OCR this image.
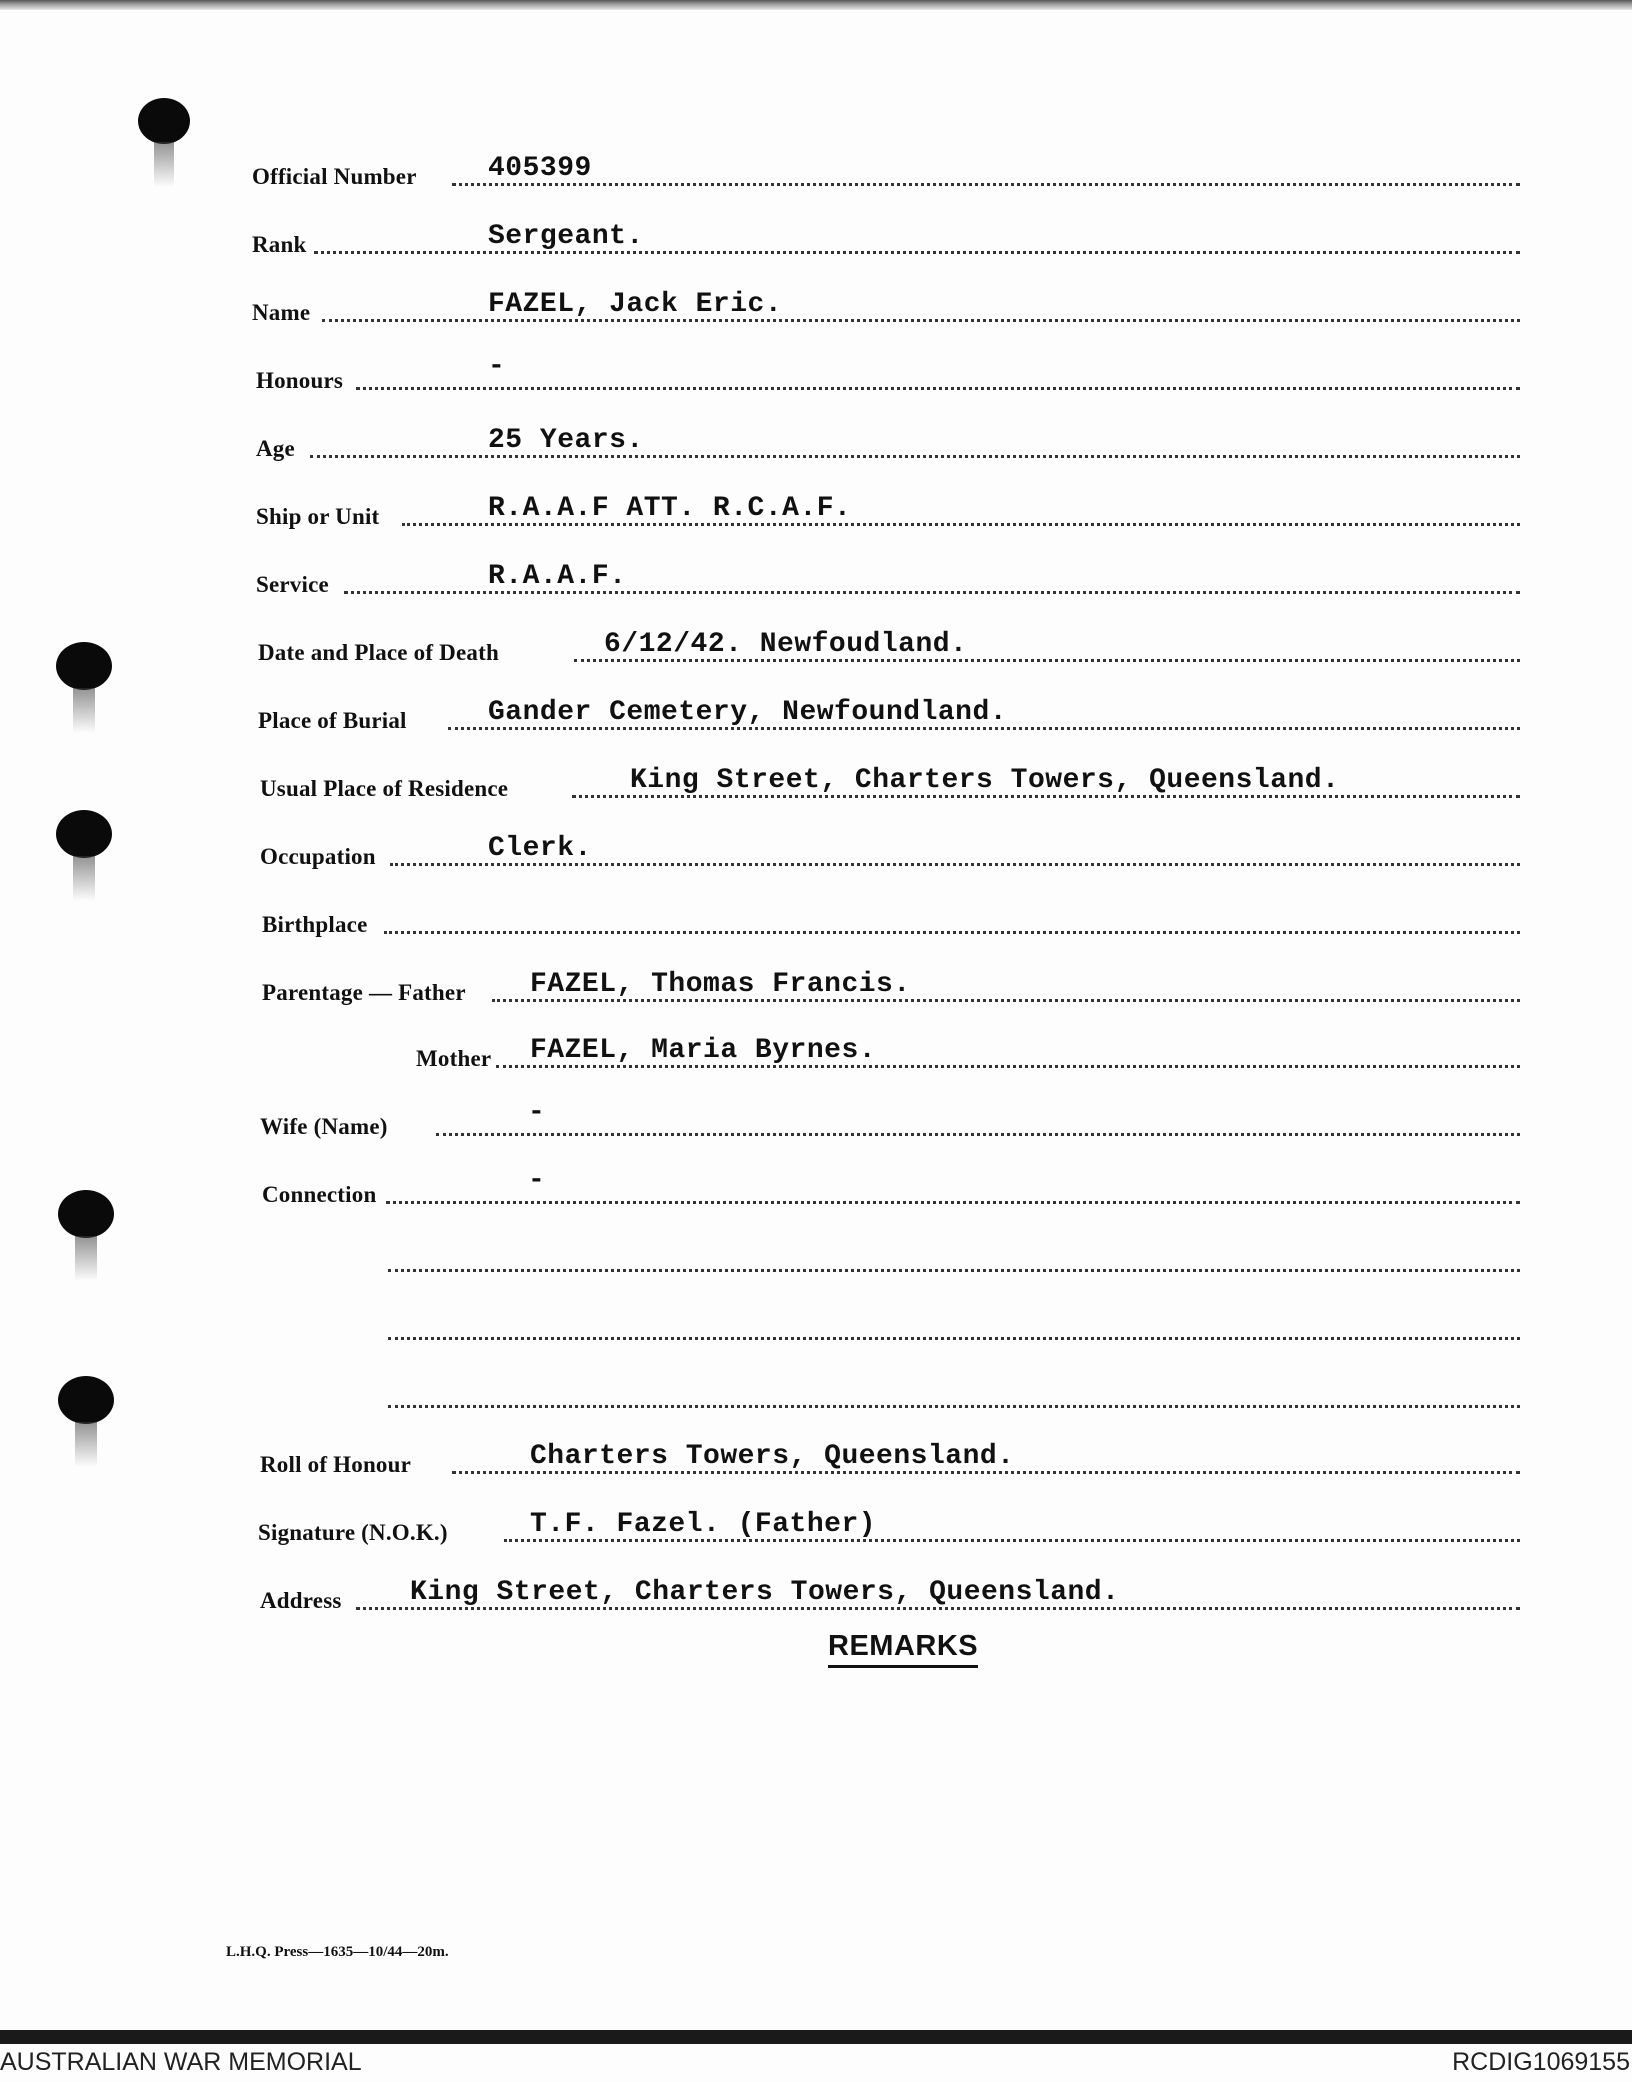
Official Number	405399
Rank	Sergeant.
Name	FAZEL, Jack Eric.
Honours	-
Age	25 Years.
Ship or Unit	R.A.A.F ATT. R.C.A.F.
Service	R.A.A.F.
Date and Place of Death	6/12/42. Newfoudland.
Place of Burial	Gander Cemetery, Newfoundland.
Usual Place of Residence	King Street, Charters Towers, Queensland.
Occupation	Clerk.
Birthplace
Parentage — Father FAZEL, Thomas Francis.
Mother FAZEL, Maria Byrnes.
Wife (Name)	-
Connection	-
Roll of Honour	Charters Towers, Queensland.
Signature (N.O.K.)	T.F. Fazel. (Father)
Address King Street, Charters Towers, Queensland.
REMARKS
L.H.Q. Press—1635—10/44—20m.
AUSTRALIAN WAR MEMORIAL	RCDIG1069155
